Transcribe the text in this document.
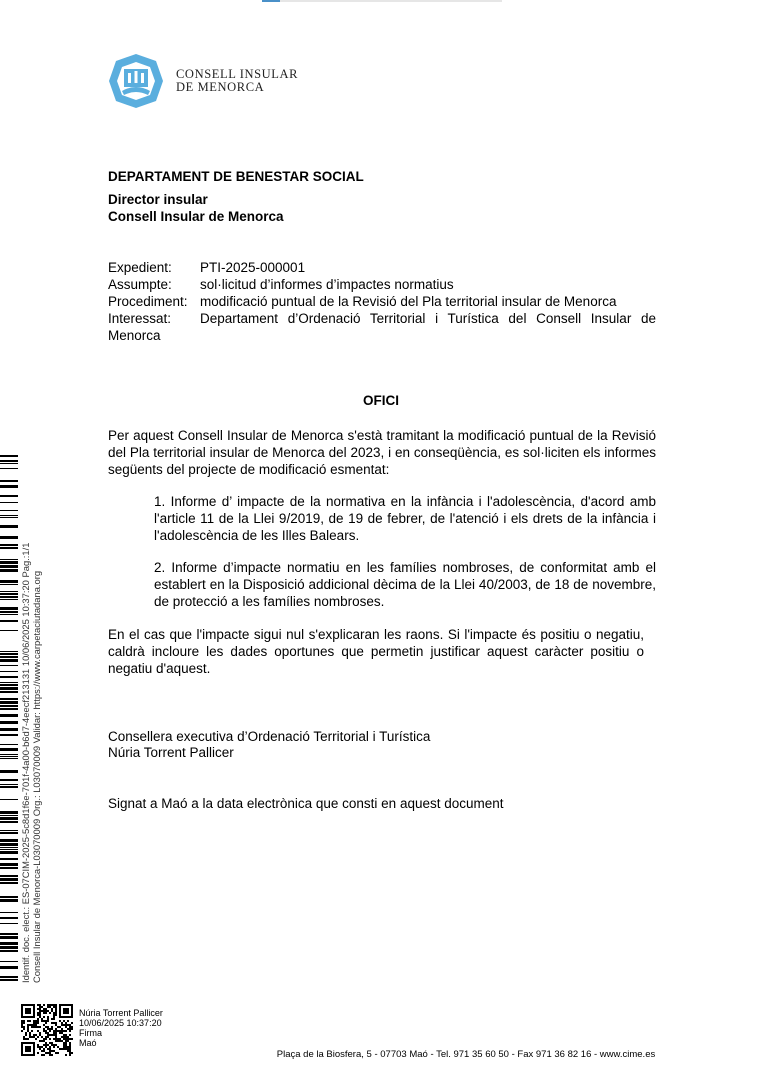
CONSELL INSULAR
DE MENORCA
DEPARTAMENT DE BENESTAR SOCIAL
Director insular
Consell Insular de Menorca
Expedient:	PTI-2025-000001
Assumpte:	sol·licitud d’informes d’impactes normatius
Procediment: modificació puntual de la Revisió del Pla territorial insular de Menorca
Interessat:	Departament d’Ordenació Territorial i Turística del Consell Insular de
Menorca
OFICI
Per aquest Consell Insular de Menorca s'està tramitant la modificació puntual de la Revisió del Pla territorial insular de Menorca del 2023, i en conseqüència, es sol·liciten els informes següents del projecte de modificació esmentat:
1. Informe d’ impacte de la normativa en la infància i l'adolescència, d'acord amb l'article 11 de la Llei 9/2019, de 19 de febrer, de l'atenció i els drets de la infància i l'adolescència de les Illes Balears.
2. Informe d’impacte normatiu en les famílies nombroses, de conformitat amb el establert en la Disposició addicional dècima de la Llei 40/2003, de 18 de novembre, de protecció a les famílies nombroses.
En el cas que l'impacte sigui nul s'explicaran les raons. Si l'impacte és positiu o negatiu, caldrà incloure les dades oportunes que permetin justificar aquest caràcter positiu o negatiu d'aquest.
Consellera executiva d’Ordenació Territorial i Turística
Núria Torrent Pallicer
Signat a Maó a la data electrònica que consti en aquest document
Identif. doc. elect.: ES-07CIM-2025-5c8d1f6e-701f-4a00-b6d7-4eecf213131 10/06/2025 10:37:20 Pag.:1/1 Consell Insular de Menorca-L03070009 Org.: L03070009 Validar: https://www.carpetaciutadana.org
Núria Torrent Pallicer
10/06/2025 10:37:20
Firma
Maó
Plaça de la Biosfera, 5 - 07703 Maó - Tel. 971 35 60 50 - Fax 971 36 82 16 - www.cime.es
